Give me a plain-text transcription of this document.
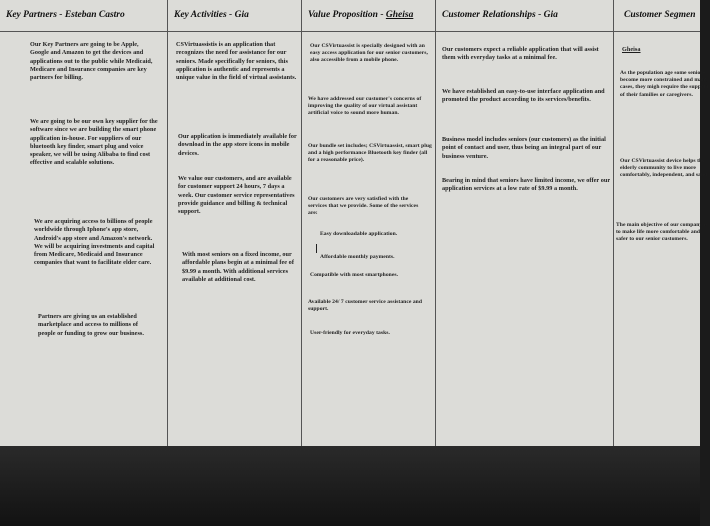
Key Partners - Esteban Castro
Our Key Partners are going to be Apple, Google and Amazon to get the devices and applications out to the public while Medicaid, Medicare and Insurance companies are key partners for billing.
We are going to be our own key supplier for the software since we are building the smart phone application in-house. For suppliers of our bluetooth key finder, smart plug and voice speaker, we will be using Alibaba to find cost effective and scalable solutions.
We are acquiring access to billions of people worldwide through Iphone's app store, Android's app store and Amazon's network. We will be acquiring investments and capital from Medicare, Medicaid and Insurance companies that want to facilitate elder care.
Partners are giving us an established marketplace and access to millions of people or funding to grow our business.
Key Activities - Gia
CSVirtuassistis is an application that recognizes the need for assistance for our seniors. Made specifically for seniors, this application is authentic and represents a unique value in the field of virtual assistants.
Our application is immediately available for download in the app store icons in mobile devices.
We value our customers, and are available for customer support 24 hours, 7 days a week. Our customer service representatives provide guidance and billing & technical support.
With most seniors on a fixed income, our affordable plans begin at a minimal fee of $9.99 a month. With additional services available at additional cost.
Value Proposition - Gheisa
Our CSVirtuassist is specially designed with an easy access application for our senior customers, also accessible from a mobile phone.
We have addressed our customer's concerns of improving the quality of our virtual assistant artificial voice to sound more human.
Our bundle set includes; CSVirtuassist, smart plug and a high performance Bluetooth key finder (all for a reasonable price).
Our customers are very satisfied with the services that we provide. Some of the services are:
Easy downloadable application.
Affordable monthly payments.
Compatible with most smartphones.
Available 24/ 7 customer service assistance and support.
User-friendly for everyday tasks.
Customer Relationships - Gia
Our customers expect a reliable application that will assist them with everyday tasks at a minimal fee.
We have established an easy-to-use interface application and promoted the product according to its services/benefits.
Business model includes seniors (our customers) as the initial point of contact and user, thus being an integral part of our business venture.
Bearing in mind that seniors have limited income, we offer our application services at a low rate of $9.99 a month.
Customer Segmen
Gheisa
As the population age some seniors become more constrained and many cases, they migh require the support of their families or caregivers.
Our CSVirtuassist device helps the elderly community to live more comfortably, independent, and safer.
The main objective of our company is to make life more comfortable and safer to our senior customers.
